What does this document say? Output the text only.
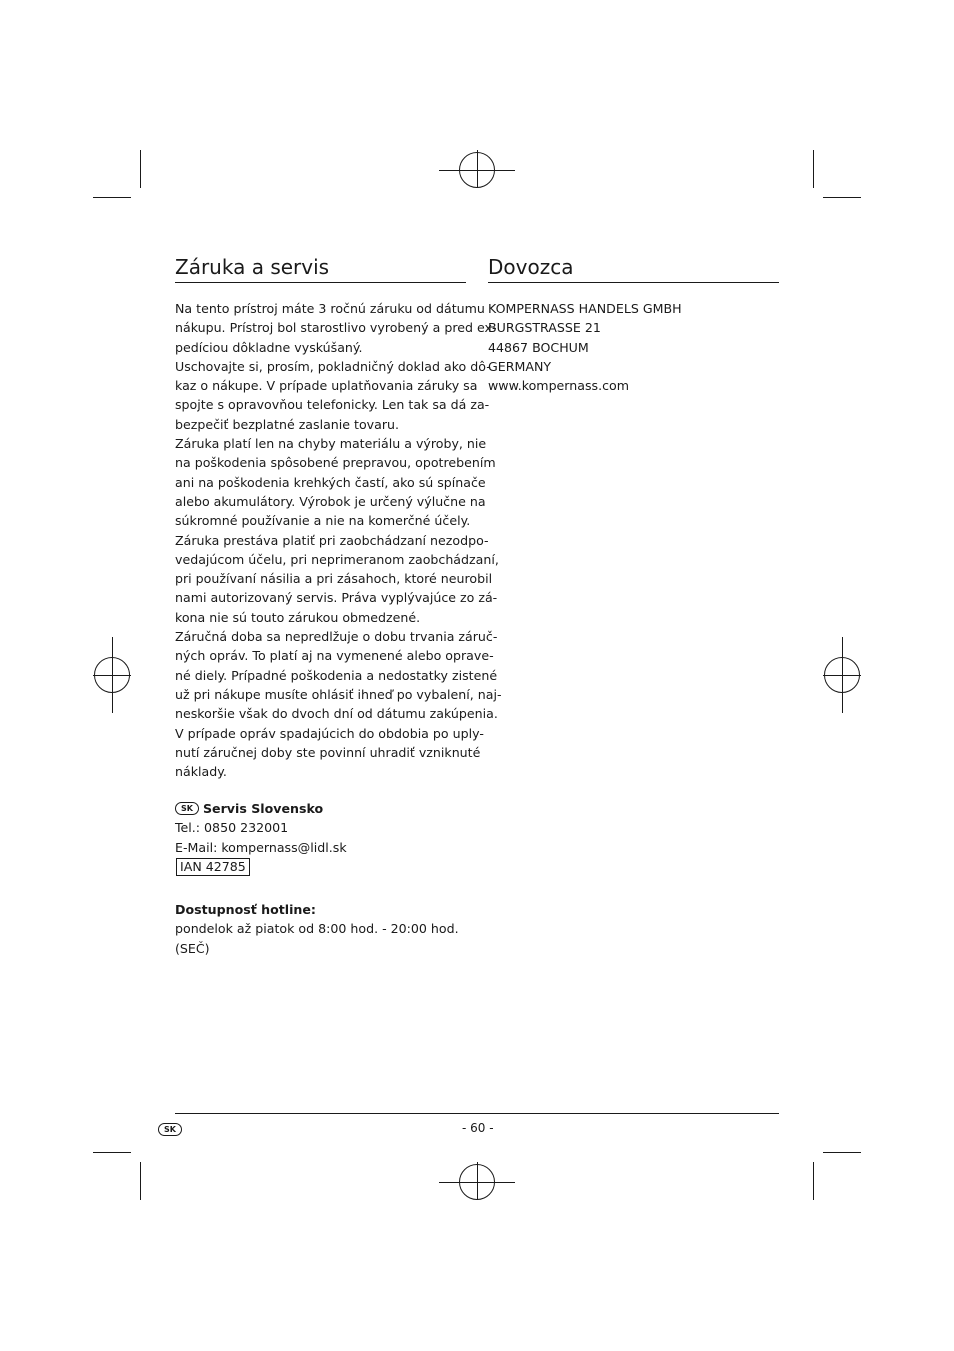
Záruka a servis

Na tento prístroj máte 3 ročnú záruku od dátumu

nákupu. Prístroj bol starostlivo vyrobený a pred ex-

pedíciou dôkladne vyskúšaný.

Uschovajte si, prosím, pokladničný doklad ako dô-

kaz o nákupe. V prípade uplatňovania záruky sa

spojte s opravovňou telefonicky. Len tak sa dá za-

bezpečiť bezplatné zaslanie tovaru.

Záruka platí len na chyby materiálu a výroby, nie

na poškodenia spôsobené prepravou, opotrebením

ani na poškodenia krehkých častí, ako sú spínače

alebo akumulátory. Výrobok je určený výlučne na

súkromné používanie a nie na komerčné účely.

Záruka prestáva platiť pri zaobchádzaní nezodpo-

vedajúcom účelu, pri neprimeranom zaobchádzaní,

pri používaní násilia a pri zásahoch, ktoré neurobil

nami autorizovaný servis. Práva vyplývajúce zo zá-

kona nie sú touto zárukou obmedzené.

Záručná doba sa nepredlžuje o dobu trvania záruč-

ných opráv. To platí aj na vymenené alebo oprave-

né diely. Prípadné poškodenia a nedostatky zistené

už pri nákupe musíte ohlásiť ihneď po vybalení, naj-

neskoršie však do dvoch dní od dátumu zakúpenia.

V prípade opráv spadajúcich do obdobia po uply-

nutí záručnej doby ste povinní uhradiť vzniknuté

náklady.

SK Servis Slovensko

Tel.: 0850 232001

E-Mail: kompernass@lidl.sk

IAN 42785

Dostupnosť hotline:

pondelok až piatok od 8:00 hod. - 20:00 hod.

(SEČ)

Dovozca

KOMPERNASS HANDELS GMBH

BURGSTRASSE 21

44867 BOCHUM

GERMANY

www.kompernass.com

SK	- 60 -
